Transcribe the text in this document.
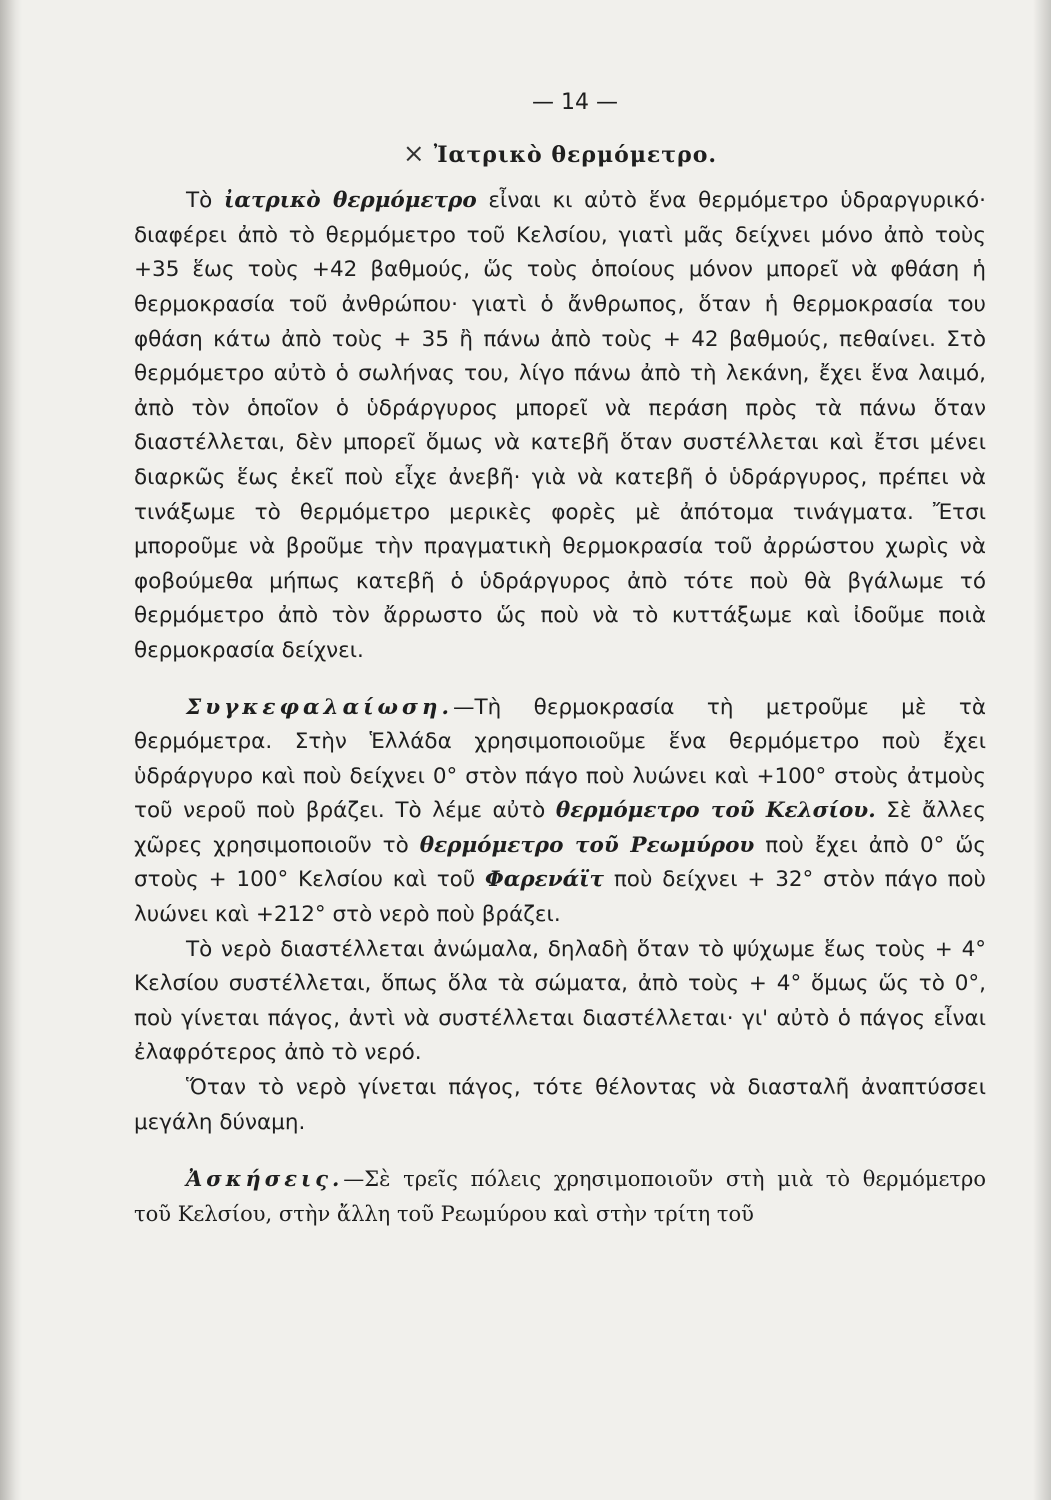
— 14 —
× Ἰατρικὸ θερμόμετρο.

Τὸ ἰατρικὸ θερμόμετρο εἶναι κι αὐτὸ ἕνα θερμόμετρο ὑδραργυρικό· διαφέρει ἀπὸ τὸ θερμόμετρο τοῦ Κελσίου, γιατὶ μᾶς δείχνει μόνο ἀπὸ τοὺς +35 ἕως τοὺς +42 βαθμούς, ὥς τοὺς ὁποίους μόνον μπορεῖ νὰ φθάση ἡ θερμοκρασία τοῦ ἀνθρώπου· γιατὶ ὁ ἄνθρωπος, ὅταν ἡ θερμοκρασία του φθάση κάτω ἀπὸ τοὺς + 35 ἢ πάνω ἀπὸ τοὺς + 42 βαθμούς, πεθαίνει. Στὸ θερμόμετρο αὐτὸ ὁ σωλήνας του, λίγο πάνω ἀπὸ τὴ λεκάνη, ἔχει ἕνα λαιμό, ἀπὸ τὸν ὁποῖον ὁ ὑδράργυρος μπορεῖ νὰ περάση πρὸς τὰ πάνω ὅταν διαστέλλεται, δὲν μπορεῖ ὅμως νὰ κατεβῆ ὅταν συστέλλεται καὶ ἔτσι μένει διαρκῶς ἕως ἐκεῖ ποὺ εἶχε ἀνεβῆ· γιὰ νὰ κατεβῆ ὁ ὑδράργυρος, πρέπει νὰ τινάξωμε τὸ θερμόμετρο μερικὲς φορὲς μὲ ἀπότομα τινάγματα. Ἔτσι μποροῦμε νὰ βροῦμε τὴν πραγματικὴ θερμοκρασία τοῦ ἀρρώστου χωρὶς νὰ φοβούμεθα μήπως κατεβῆ ὁ ὑδράργυρος ἀπὸ τότε ποὺ θὰ βγάλωμε τό θερμόμετρο ἀπὸ τὸν ἄρρωστο ὥς ποὺ νὰ τὸ κυττάξωμε καὶ ἰδοῦμε ποιὰ θερμοκρασία δείχνει.

Συγκεφαλαίωση.—Τὴ θερμοκρασία τὴ μετροῦμε μὲ τὰ θερμόμετρα. Στὴν Ἑλλάδα χρησιμοποιοῦμε ἕνα θερμόμετρο ποὺ ἔχει ὑδράργυρο καὶ ποὺ δείχνει 0° στὸν πάγο ποὺ λυώνει καὶ +100° στοὺς ἀτμοὺς τοῦ νεροῦ ποὺ βράζει. Τὸ λέμε αὐτὸ θερμόμετρο τοῦ Κελσίου. Σὲ ἄλλες χῶρες χρησιμοποιοῦν τὸ θερμόμετρο τοῦ Ρεωμύρου ποὺ ἔχει ἀπὸ 0° ὥς στοὺς + 100° Κελσίου καὶ τοῦ Φαρενάϊτ ποὺ δείχνει + 32° στὸν πάγο ποὺ λυώνει καὶ +212° στὸ νερὸ ποὺ βράζει.

Τὸ νερὸ διαστέλλεται ἀνώμαλα, δηλαδὴ ὅταν τὸ ψύχωμε ἕως τοὺς + 4° Κελσίου συστέλλεται, ὅπως ὅλα τὰ σώματα, ἀπὸ τοὺς + 4° ὅμως ὥς τὸ 0°, ποὺ γίνεται πάγος, ἀντὶ νὰ συστέλλεται διαστέλλεται· γι' αὐτὸ ὁ πάγος εἶναι ἐλαφρότερος ἀπὸ τὸ νερό.

Ὅταν τὸ νερὸ γίνεται πάγος, τότε θέλοντας νὰ διασταλῆ ἀναπτύσσει μεγάλη δύναμη.

Ἀσκήσεις.—Σὲ τρεῖς πόλεις χρησιμοποιοῦν στὴ μιὰ τὸ θερμόμετρο τοῦ Κελσίου, στὴν ἄλλη τοῦ Ρεωμύρου καὶ στὴν τρίτη τοῦ
